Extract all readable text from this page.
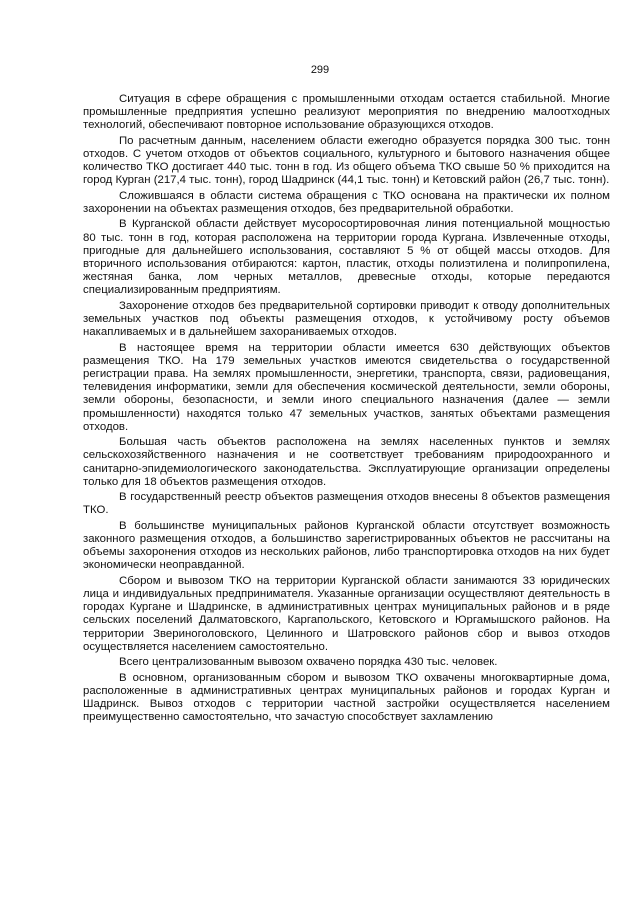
299

Ситуация в сфере обращения с промышленными отходам остается стабильной. Многие промышленные предприятия успешно реализуют мероприятия по внедрению малоотходных технологий, обеспечивают повторное использование образующихся отходов.

По расчетным данным, населением области ежегодно образуется порядка 300 тыс. тонн отходов. С учетом отходов от объектов социального, культурного и бытового назначения общее количество ТКО достигает 440 тыс. тонн в год. Из общего объема ТКО свыше 50 % приходится на город Курган (217,4 тыс. тонн), город Шадринск (44,1 тыс. тонн) и Кетовский район (26,7 тыс. тонн).

Сложившаяся в области система обращения с ТКО основана на практически их полном захоронении на объектах размещения отходов, без предварительной обработки.

В Курганской области действует мусоросортировочная линия потенциальной мощностью 80 тыс. тонн в год, которая расположена на территории города Кургана. Извлеченные отходы, пригодные для дальнейшего использования, составляют 5 % от общей массы отходов. Для вторичного использования отбираются: картон, пластик, отходы полиэтилена и полипропилена, жестяная банка, лом черных металлов, древесные отходы, которые передаются специализированным предприятиям.

Захоронение отходов без предварительной сортировки приводит к отводу дополнительных земельных участков под объекты размещения отходов, к устойчивому росту объемов накапливаемых и в дальнейшем захораниваемых отходов.

В настоящее время на территории области имеется 630 действующих объектов размещения ТКО. На 179 земельных участков имеются свидетельства о государственной регистрации права. На землях промышленности, энергетики, транспорта, связи, радиовещания, телевидения информатики, земли для обеспечения космической деятельности, земли обороны, земли обороны, безопасности, и земли иного специального назначения (далее — земли промышленности) находятся только 47 земельных участков, занятых объектами размещения отходов.

Большая часть объектов расположена на землях населенных пунктов и землях сельскохозяйственного назначения и не соответствует требованиям природоохранного и санитарно-эпидемиологического законодательства. Эксплуатирующие организации определены только для 18 объектов размещения отходов.

В государственный реестр объектов размещения отходов внесены 8 объектов размещения ТКО.

В большинстве муниципальных районов Курганской области отсутствует возможность законного размещения отходов, а большинство зарегистрированных объектов не рассчитаны на объемы захоронения отходов из нескольких районов, либо транспортировка отходов на них будет экономически неоправданной.

Сбором и вывозом ТКО на территории Курганской области занимаются 33 юридических лица и индивидуальных предпринимателя. Указанные организации осуществляют деятельность в городах Кургане и Шадринске, в административных центрах муниципальных районов и в ряде сельских поселений Далматовского, Каргапольского, Кетовского и Юргамышского районов. На территории Звериноголовского, Целинного и Шатровского районов сбор и вывоз отходов осуществляется населением самостоятельно.

Всего централизованным вывозом охвачено порядка 430 тыс. человек.

В основном, организованным сбором и вывозом ТКО охвачены многоквартирные дома, расположенные в административных центрах муниципальных районов и городах Курган и Шадринск. Вывоз отходов с территории частной застройки осуществляется населением преимущественно самостоятельно, что зачастую способствует захламлению
